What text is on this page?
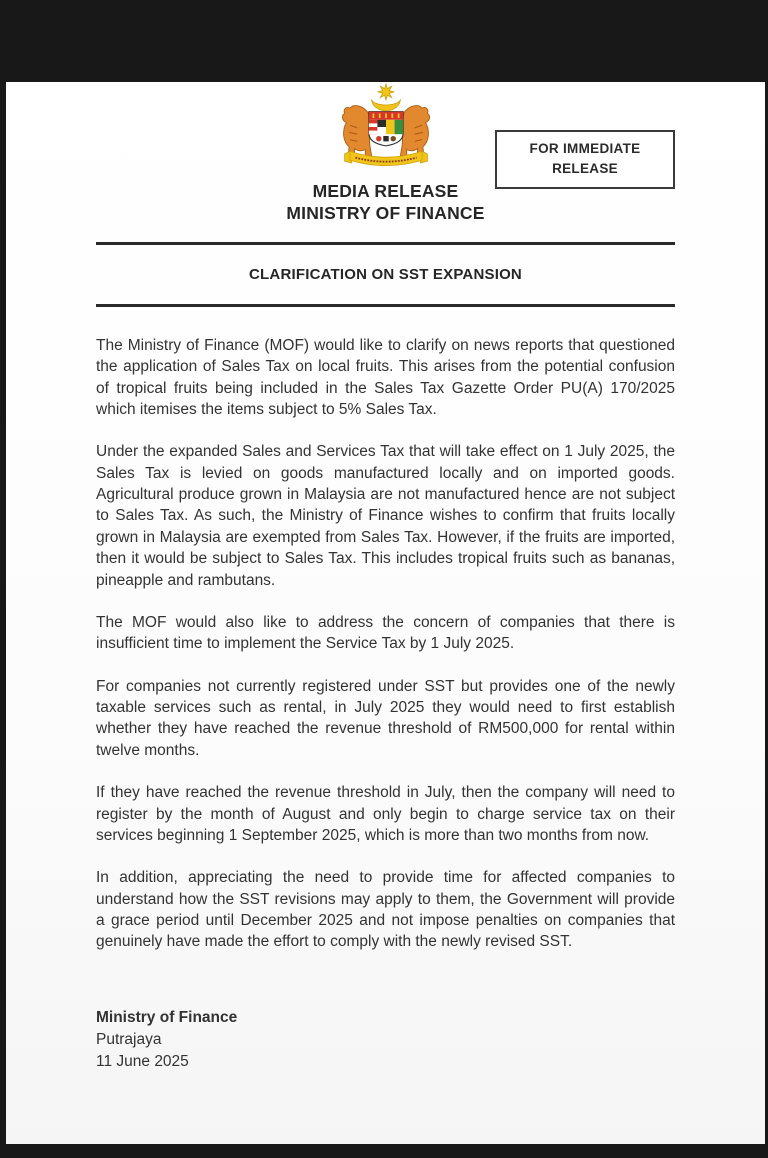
FOR IMMEDIATE RELEASE
MEDIA RELEASE
MINISTRY OF FINANCE
CLARIFICATION ON SST EXPANSION

The Ministry of Finance (MOF) would like to clarify on news reports that questioned the application of Sales Tax on local fruits. This arises from the potential confusion of tropical fruits being included in the Sales Tax Gazette Order PU(A) 170/2025 which itemises the items subject to 5% Sales Tax.

Under the expanded Sales and Services Tax that will take effect on 1 July 2025, the Sales Tax is levied on goods manufactured locally and on imported goods. Agricultural produce grown in Malaysia are not manufactured hence are not subject to Sales Tax. As such, the Ministry of Finance wishes to confirm that fruits locally grown in Malaysia are exempted from Sales Tax. However, if the fruits are imported, then it would be subject to Sales Tax. This includes tropical fruits such as bananas, pineapple and rambutans.

The MOF would also like to address the concern of companies that there is insufficient time to implement the Service Tax by 1 July 2025.

For companies not currently registered under SST but provides one of the newly taxable services such as rental, in July 2025 they would need to first establish whether they have reached the revenue threshold of RM500,000 for rental within twelve months.

If they have reached the revenue threshold in July, then the company will need to register by the month of August and only begin to charge service tax on their services beginning 1 September 2025, which is more than two months from now.

In addition, appreciating the need to provide time for affected companies to understand how the SST revisions may apply to them, the Government will provide a grace period until December 2025 and not impose penalties on companies that genuinely have made the effort to comply with the newly revised SST.

Ministry of Finance
Putrajaya
11 June 2025
